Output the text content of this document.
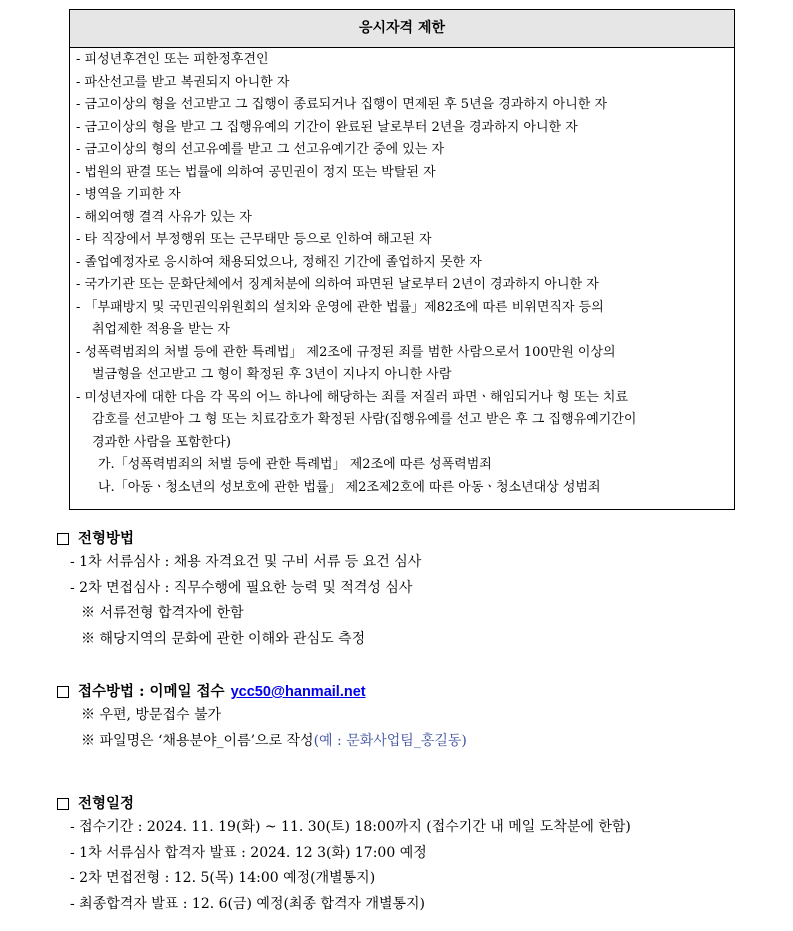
응시자격 제한
- 피성년후견인 또는 피한정후견인
- 파산선고를 받고 복권되지 아니한 자
- 금고이상의 형을 선고받고 그 집행이 종료되거나 집행이 면제된 후 5년을 경과하지 아니한 자
- 금고이상의 형을 받고 그 집행유예의 기간이 완료된 날로부터 2년을 경과하지 아니한 자
- 금고이상의 형의 선고유예를 받고 그 선고유예기간 중에 있는 자
- 법원의 판결 또는 법률에 의하여 공민권이 정지 또는 박탈된 자
- 병역을 기피한 자
- 해외여행 결격 사유가 있는 자
- 타 직장에서 부정행위 또는 근무태만 등으로 인하여 해고된 자
- 졸업예정자로 응시하여 채용되었으나, 정해진 기간에 졸업하지 못한 자
- 국가기관 또는 문화단체에서 징계처분에 의하여 파면된 날로부터 2년이 경과하지 아니한 자
- 「부패방지 및 국민권익위원회의 설치와 운영에 관한 법률」제82조에 따른 비위면직자 등의
취업제한 적용을 받는 자
- 성폭력범죄의 처벌 등에 관한 특례법」 제2조에 규정된 죄를 범한 사람으로서 100만원 이상의
벌금형을 선고받고 그 형이 확정된 후 3년이 지나지 아니한 사람
- 미성년자에 대한 다음 각 목의 어느 하나에 해당하는 죄를 저질러 파면ㆍ해임되거나 형 또는 치료
감호를 선고받아 그 형 또는 치료감호가 확정된 사람(집행유예를 선고 받은 후 그 집행유예기간이
경과한 사람을 포함한다)
가.「성폭력범죄의 처벌 등에 관한 특례법」 제2조에 따른 성폭력범죄
나.「아동ㆍ청소년의 성보호에 관한 법률」 제2조제2호에 따른 아동ㆍ청소년대상 성범죄
전형방법
- 1차 서류심사 : 채용 자격요건 및 구비 서류 등 요건 심사
- 2차 면접심사 : 직무수행에 필요한 능력 및 적격성 심사
※ 서류전형 합격자에 한함
※ 해당지역의 문화에 관한 이해와 관심도 측정
접수방법 : 이메일 접수 ycc50@hanmail.net
※ 우편, 방문접수 불가
※ 파일명은 ‘채용분야_이름’으로 작성(예 : 문화사업팀_홍길동)
전형일정
- 접수기간 : 2024. 11. 19(화) ~ 11. 30(토) 18:00까지 (접수기간 내 메일 도착분에 한함)
- 1차 서류심사 합격자 발표 : 2024. 12 3(화) 17:00 예정
- 2차 면접전형 : 12. 5(목) 14:00 예정(개별통지)
- 최종합격자 발표 : 12. 6(금) 예정(최종 합격자 개별통지)
